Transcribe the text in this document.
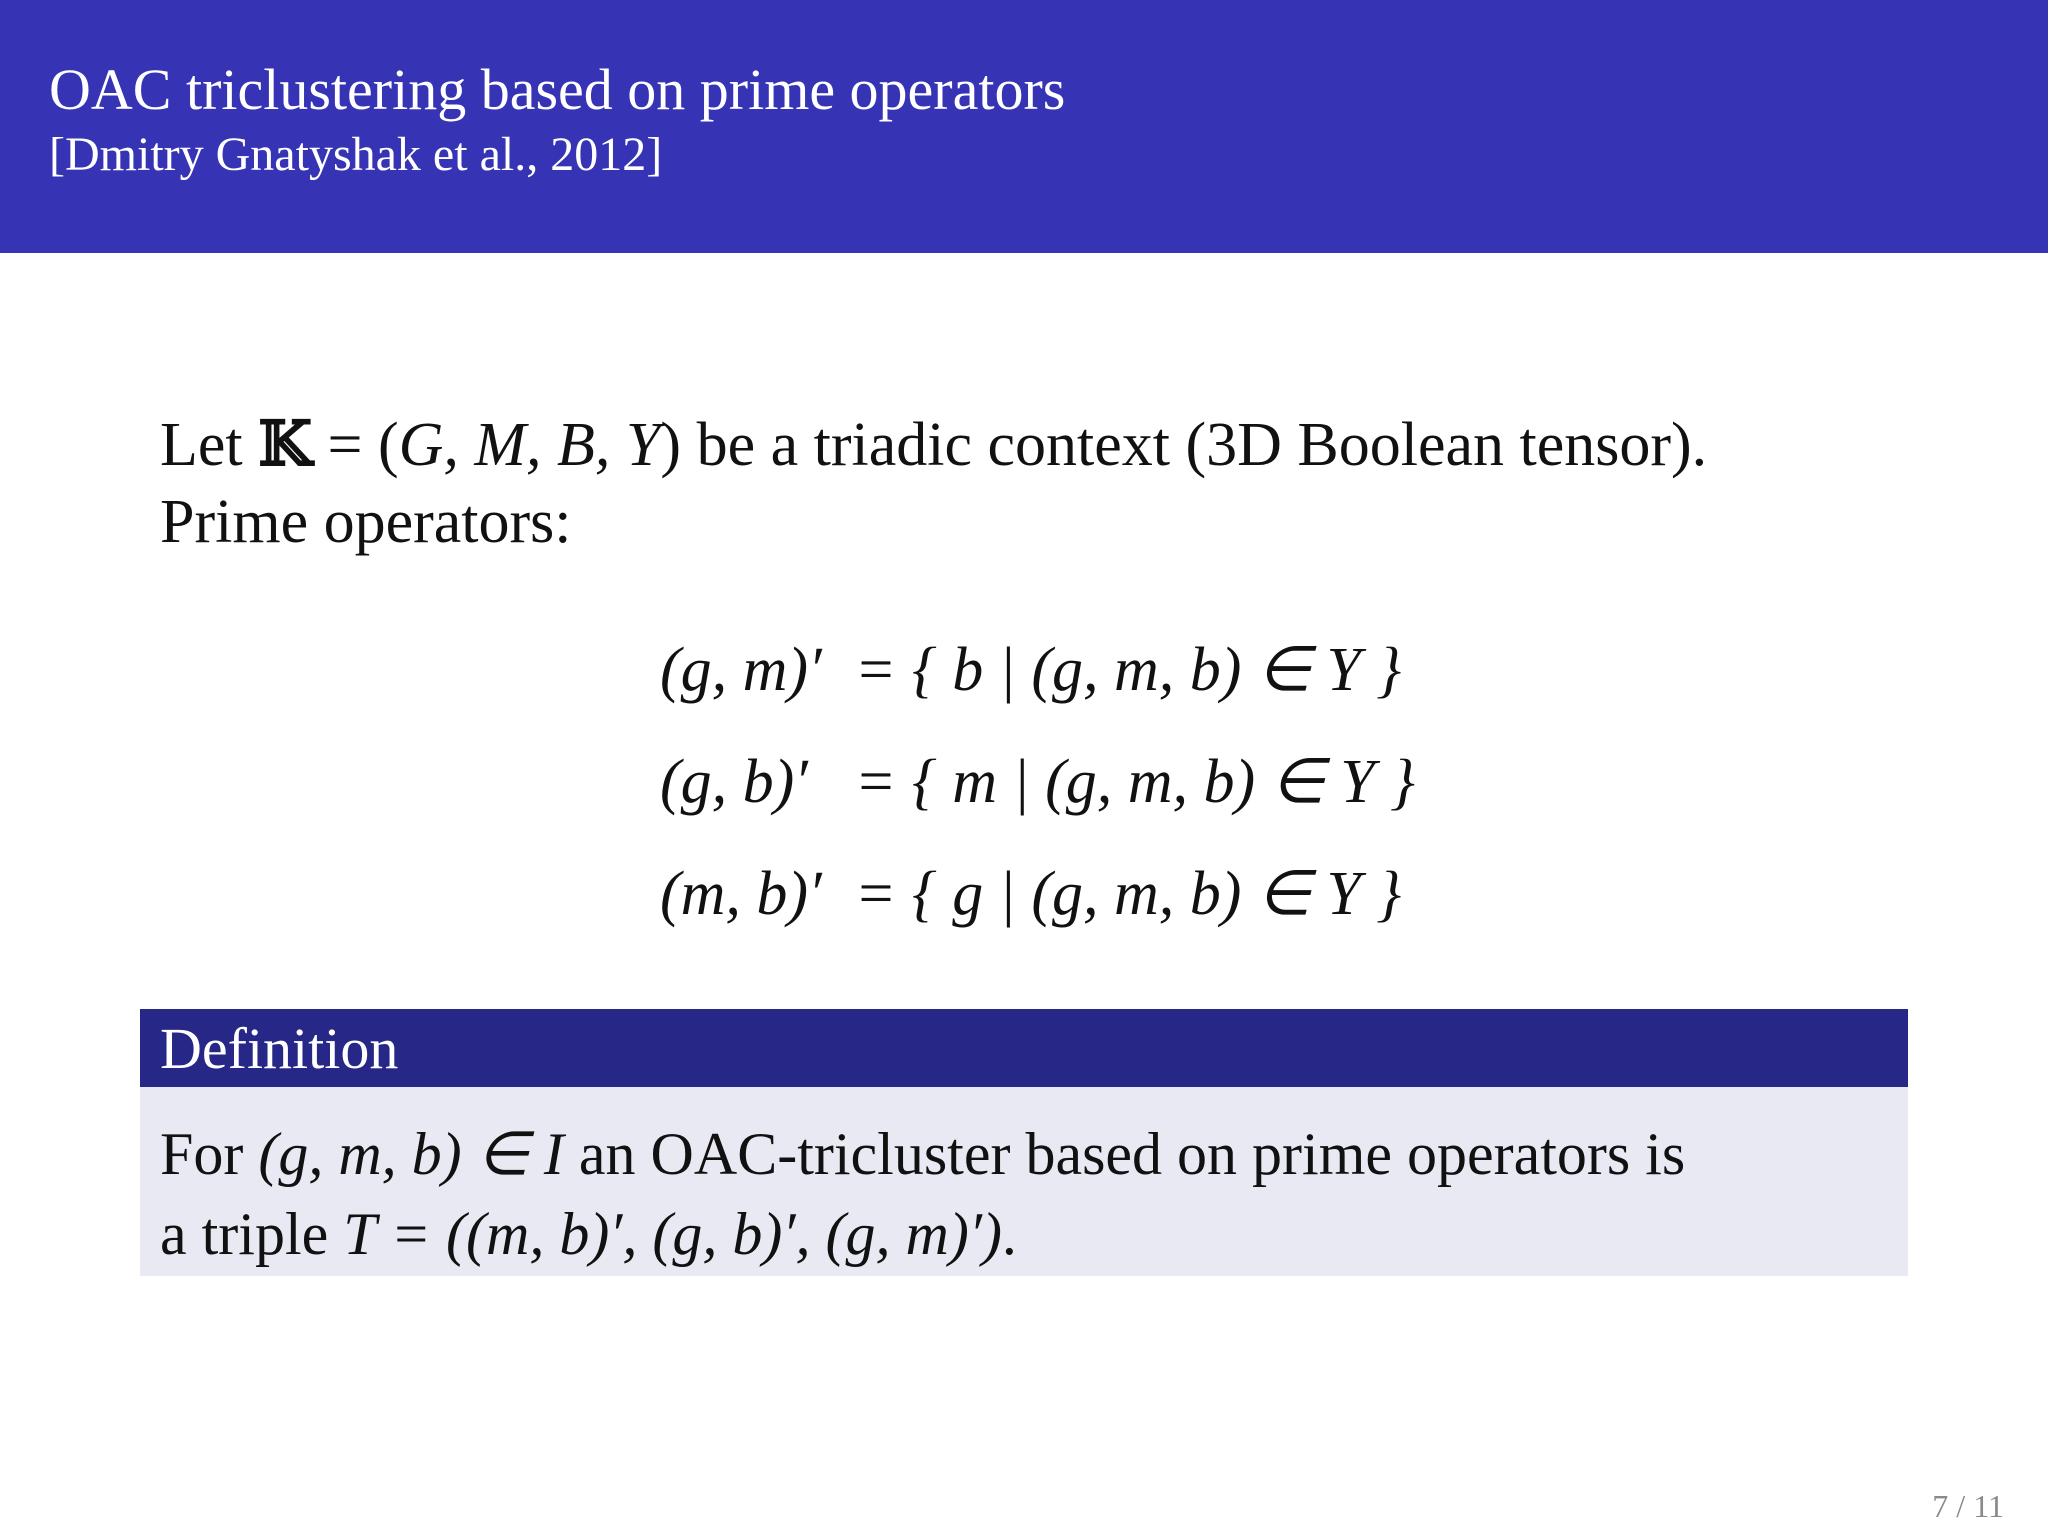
OAC triclustering based on prime operators
[Dmitry Gnatyshak et al., 2012]
Let 𝕂 = (G, M, B, Y) be a triadic context (3D Boolean tensor).
Prime operators:
(g, m)′ = { b | (g, m, b) ∈ Y }
(g, b)′ = { m | (g, m, b) ∈ Y }
(m, b)′ = { g | (g, m, b) ∈ Y }
Definition
For (g, m, b) ∈ I an OAC-tricluster based on prime operators is
a triple T = ((m, b)′, (g, b)′, (g, m)′).
7 / 11
